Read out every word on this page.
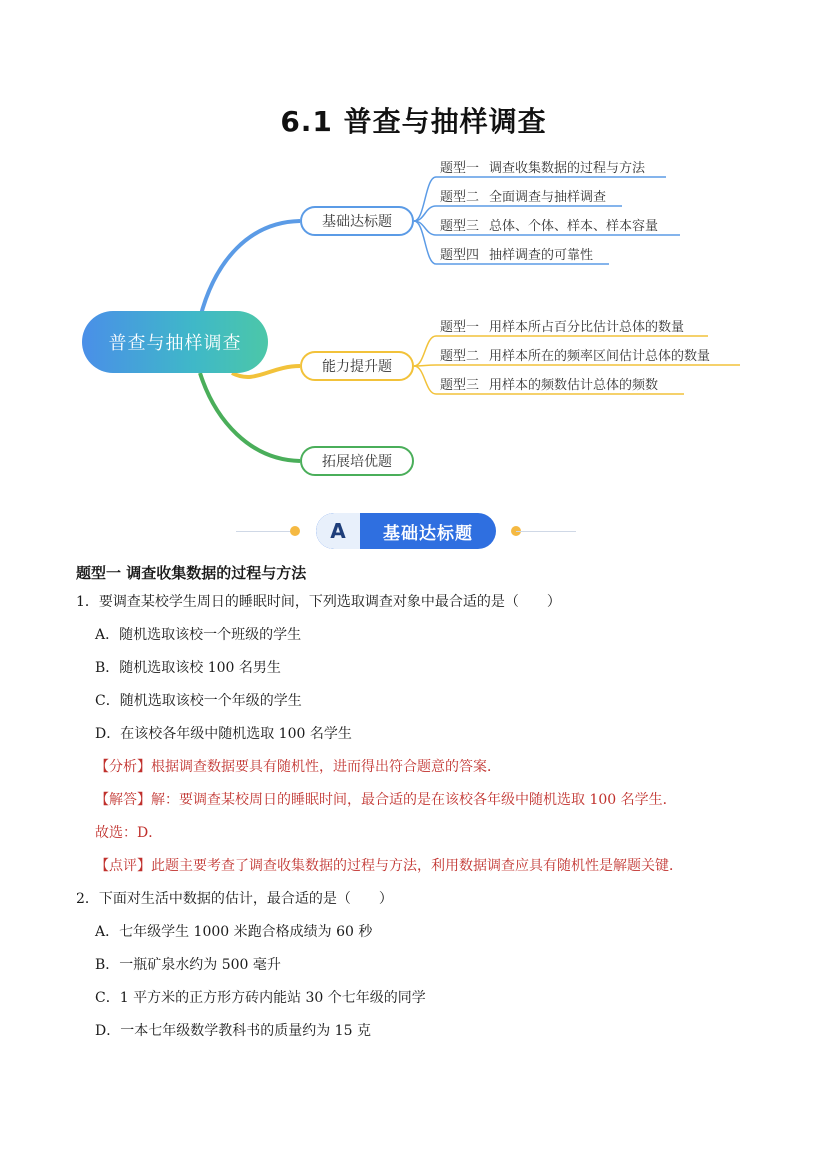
6.1 普查与抽样调查
普查与抽样调查
基础达标题
能力提升题
拓展培优题
题型一 调查收集数据的过程与方法
题型二 全面调查与抽样调查
题型三 总体、个体、样本、样本容量
题型四 抽样调查的可靠性
题型一 用样本所占百分比估计总体的数量
题型二 用样本所在的频率区间估计总体的数量
题型三 用样本的频数估计总体的频数
A	基础达标题
题型一 调查收集数据的过程与方法
1．要调查某校学生周日的睡眠时间，下列选取调查对象中最合适的是（　　）
A．随机选取该校一个班级的学生
B．随机选取该校 100 名男生
C．随机选取该校一个年级的学生
D．在该校各年级中随机选取 100 名学生
【分析】根据调查数据要具有随机性，进而得出符合题意的答案．
【解答】解：要调查某校周日的睡眠时间，最合适的是在该校各年级中随机选取 100 名学生．
故选：D．
【点评】此题主要考查了调查收集数据的过程与方法，利用数据调查应具有随机性是解题关键．
2．下面对生活中数据的估计，最合适的是（　　）
A．七年级学生 1000 米跑合格成绩为 60 秒
B．一瓶矿泉水约为 500 毫升
C．1 平方米的正方形方砖内能站 30 个七年级的同学
D．一本七年级数学教科书的质量约为 15 克
